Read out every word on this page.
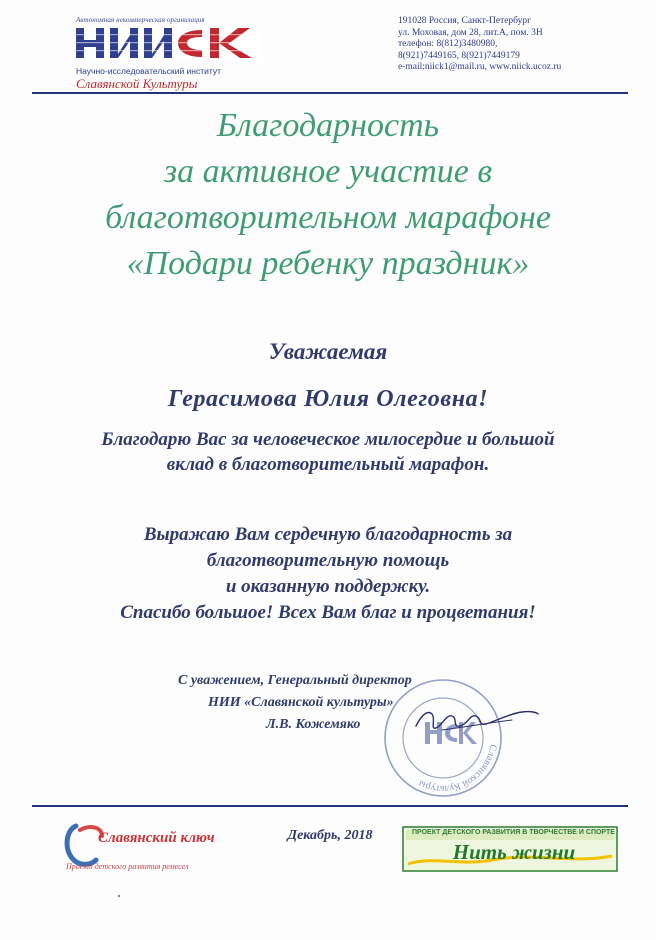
Автономная некоммерческая организация
Научно-исследовательский институт
Славянской Культуры
191028 Россия, Санкт-Петербург
ул. Моховая, дом 28, лит.А, пом. 3Н
телефон: 8(812)3480980,
8(921)7449165, 8(921)7449179
e-mail:niick1@mail.ru, www.niick.ucoz.ru
Благодарность
за активное участие в
благотворительном марафоне
«Подари ребенку праздник»
Уважаемая
Герасимова Юлия Олеговна!
Благодарю Вас за человеческое милосердие и большой
вклад в благотворительный марафон.
Выражаю Вам сердечную благодарность за
благотворительную помощь
и оказанную поддержку.
Спасибо большое! Всех Вам благ и процветания!
Славянской Культуры
С уважением, Генеральный директор
НИИ «Славянской культуры»
Л.В. Кожемяко
Славянский ключ
Проект детского развития ремесел
Декабрь, 2018	ПРОЕКТ ДЕТСКОГО РАЗВИТИЯ В ТВОРЧЕСТВЕ И СПОРТЕ
Нить жизни
